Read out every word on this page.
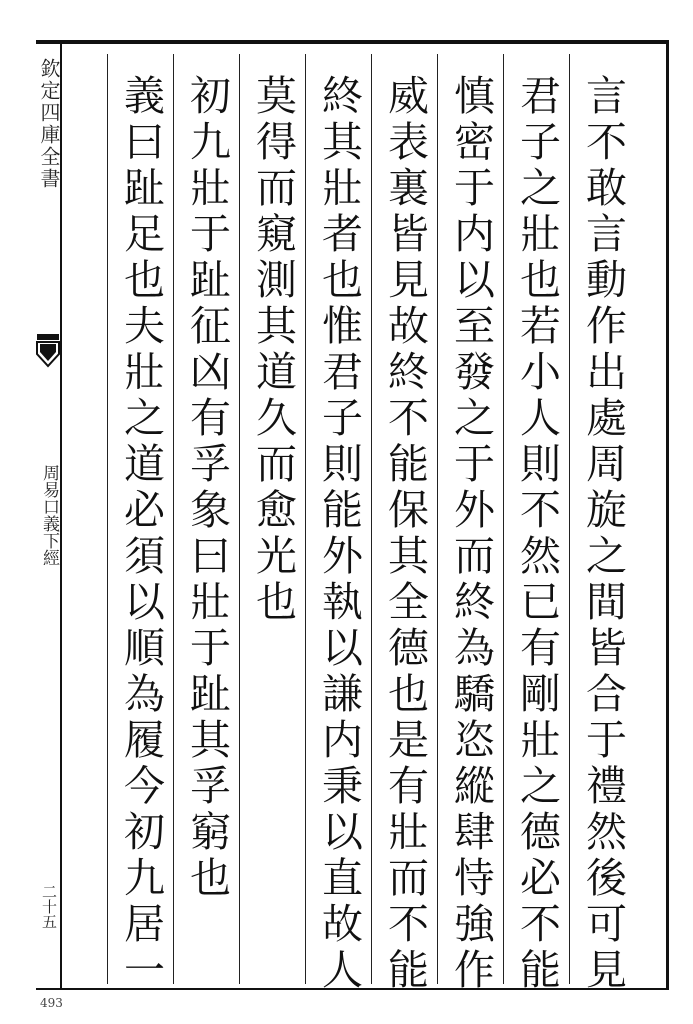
欽定四庫全書
周易口義下經
二十五	言不敢言動作出處周旋之間皆合于禮然後可見
君子之壯也若小人則不然已有剛壯之德必不能
慎密于内以至發之于外而終為驕恣縱肆恃強作
威表裏皆見故終不能保其全德也是有壯而不能
終其壯者也惟君子則能外執以謙内秉以直故人
莫得而窺測其道久而愈光也
初九壯于趾征凶有孚象曰壯于趾其孚窮也
義曰趾足也夫壯之道必須以順為履今初九居一
493
